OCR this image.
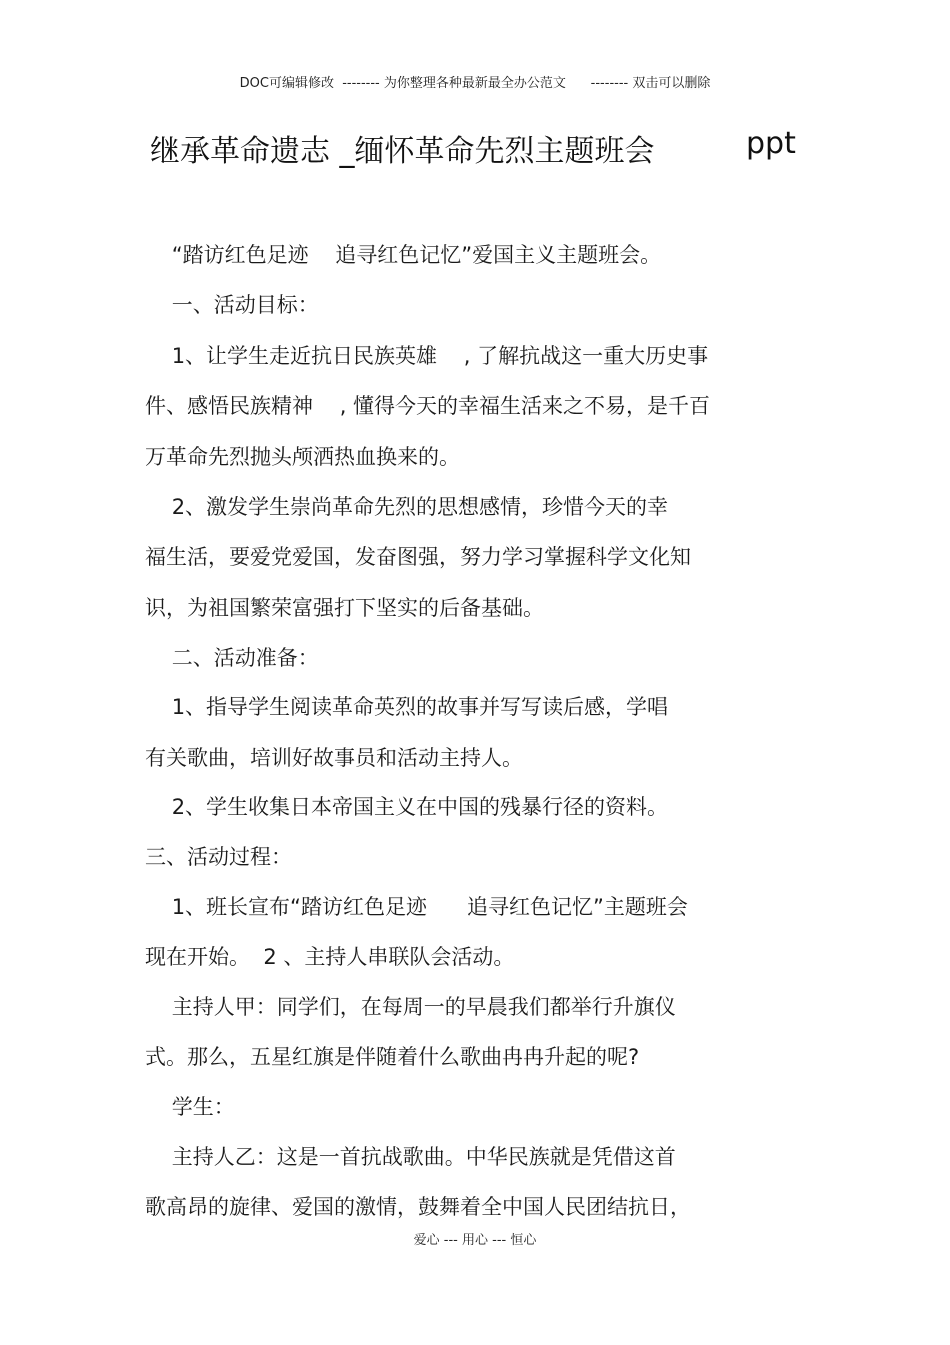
DOC可编辑修改  -------- 为你整理各种最新最全办公范文      -------- 双击可以删除
继承革命遗志 _缅怀革命先烈主题班会	ppt
“踏访红色足迹    追寻红色记忆”爱国主义主题班会。
一、活动目标：
1、让学生走近抗日民族英雄    , 了解抗战这一重大历史事
件、感悟民族精神    , 懂得今天的幸福生活来之不易，是千百
万革命先烈抛头颅洒热血换来的。
2、激发学生崇尚革命先烈的思想感情，珍惜今天的幸
福生活，要爱党爱国，发奋图强，努力学习掌握科学文化知
识，为祖国繁荣富强打下坚实的后备基础。
二、活动准备：
1、指导学生阅读革命英烈的故事并写写读后感，学唱
有关歌曲，培训好故事员和活动主持人。
2、学生收集日本帝国主义在中国的残暴行径的资料。
三、活动过程：
1、班长宣布“踏访红色足迹      追寻红色记忆”主题班会
现在开始。  2 、主持人串联队会活动。
主持人甲：同学们，在每周一的早晨我们都举行升旗仪
式。那么，五星红旗是伴随着什么歌曲冉冉升起的呢?
学生：
主持人乙：这是一首抗战歌曲。中华民族就是凭借这首
歌高昂的旋律、爱国的激情，鼓舞着全中国人民团结抗日，
爱心 --- 用心 --- 恒心
